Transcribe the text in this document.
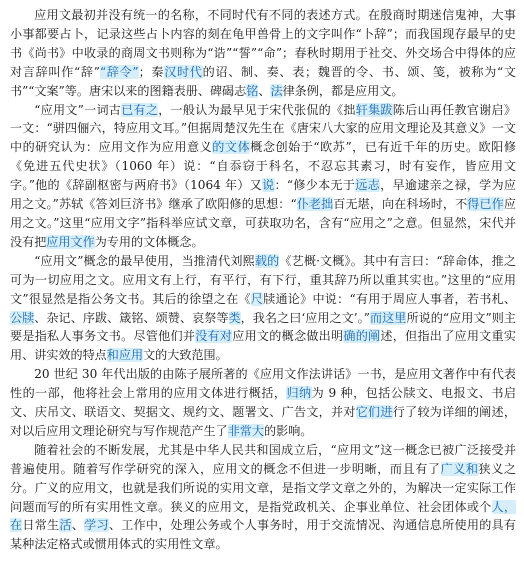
应用文最初并没有统一的名称，不同时代有不同的表述方式。在殷商时期迷信鬼神，大事小事都要占卜，记录这些占卜内容的刻在龟甲兽骨上的文字叫作“卜辞”；而我国现存最早的史书《尚书》中收录的商周文书则称为“诰”“誓”“命”；春秋时期用于社交、外交场合中得体的应对言辞叫作“辞”“辞令”；秦汉时代的诏、制、奏、表；魏晋的令、书、颂、笺，被称为“文书”“文案”等。唐宋以来的图籍表册、碑碣志铭、法律条例，都是应用文。

“应用文”一词古已有之，一般认为最早见于宋代张侃的《拙轩集跋陈后山再任教官谢启》一文：“骈四俪六，特应用文耳。”但据周楚汉先生在《唐宋八大家的应用文理论及其意义》一文中的研究认为：应用文作为应用意义的文体概念创始于“欧苏”，已有近千年的历史。欧阳修《免进五代史状》（1060 年）说：“自忝窃于科名，不忍忘其素习，时有妄作，皆应用文字。”他的《辞副枢密与两府书》（1064 年）又说：“修少本无于远志，早逾逮亲之禄，学为应用之文。”苏轼《答刘巨济书》继承了欧阳修的思想：“仆老拙百无堪，向在科场时，不得已作应用之文。”这里“应用文字”指科举应试文章，可获取功名，含有“应用之”之意。但显然，宋代并没有把应用文作为专用的文体概念。

“应用文”概念的最早使用，当推清代刘熙载的《艺概·文概》。其中有言曰：“辞命体，推之可为一切应用之文。应用文有上行，有平行，有下行，重其辞乃所以重其实也。”这里的“应用文”很显然是指公务文书。其后的徐望之在《尺牍通论》中说：“有用于周应人事者，若书札、公牍、杂记、序跋、箴铭、颂赞、哀祭等类，我名之曰‘应用之文’。”而这里所说的“应用文”则主要是指私人事务文书。尽管他们并没有对应用文的概念做出明确的阐述，但指出了应用文重实用、讲实效的特点和应用文的大致范围。

20 世纪 30 年代出版的由陈子展所著的《应用文作法讲话》一书，是应用文著作中有代表性的一部，他将社会上常用的应用文体进行概括，归纳为 9 种，包括公牍文、电报文、书启文、庆吊文、联语文、契据文、规约文、题署文、广告文，并对它们进行了较为详细的阐述，对以后应用文理论研究与写作规范产生了非常大的影响。

随着社会的不断发展，尤其是中华人民共和国成立后，“应用文”这一概念已被广泛接受并普遍使用。随着写作学研究的深入，应用文的概念不但进一步明晰，而且有了广义和狭义之分。广义的应用文，也就是我们所说的实用文章，是指文学文章之外的，为解决一定实际工作问题而写的所有实用性文章。狭义的应用文，是指党政机关、企事业单位、社会团体或个人，在日常生活、学习、工作中，处理公务或个人事务时，用于交流情况、沟通信息所使用的具有某种法定格式或惯用体式的实用性文章。
